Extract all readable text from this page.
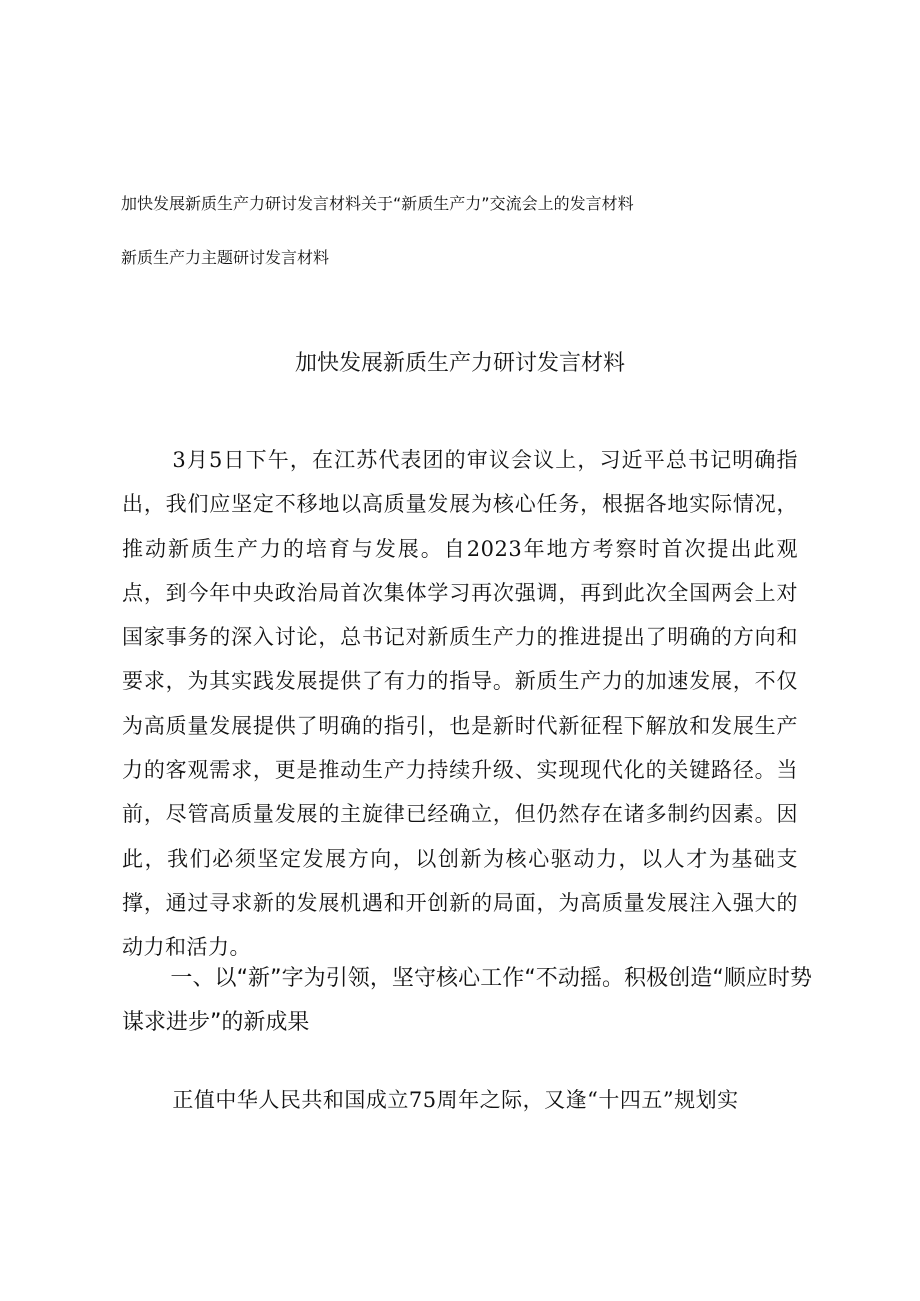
加快发展新质生产力研讨发言材料关于“新质生产力”交流会上的发言材料
新质生产力主题研讨发言材料
加快发展新质生产力研讨发言材料
3月5日下午，在江苏代表团的审议会议上，习近平总书记明确指出，我们应坚定不移地以高质量发展为核心任务，根据各地实际情况，推动新质生产力的培育与发展。自2023年地方考察时首次提出此观点，到今年中央政治局首次集体学习再次强调，再到此次全国两会上对国家事务的深入讨论，总书记对新质生产力的推进提出了明确的方向和要求，为其实践发展提供了有力的指导。新质生产力的加速发展，不仅为高质量发展提供了明确的指引，也是新时代新征程下解放和发展生产力的客观需求，更是推动生产力持续升级、实现现代化的关键路径。当前，尽管高质量发展的主旋律已经确立，但仍然存在诸多制约因素。因此，我们必须坚定发展方向，以创新为核心驱动力，以人才为基础支撑，通过寻求新的发展机遇和开创新的局面，为高质量发展注入强大的动力和活力。
一、以“新”字为引领，坚守核心工作“不动摇。积极创造“顺应时势谋求进步”的新成果
正值中华人民共和国成立75周年之际，又逢“十四五”规划实
